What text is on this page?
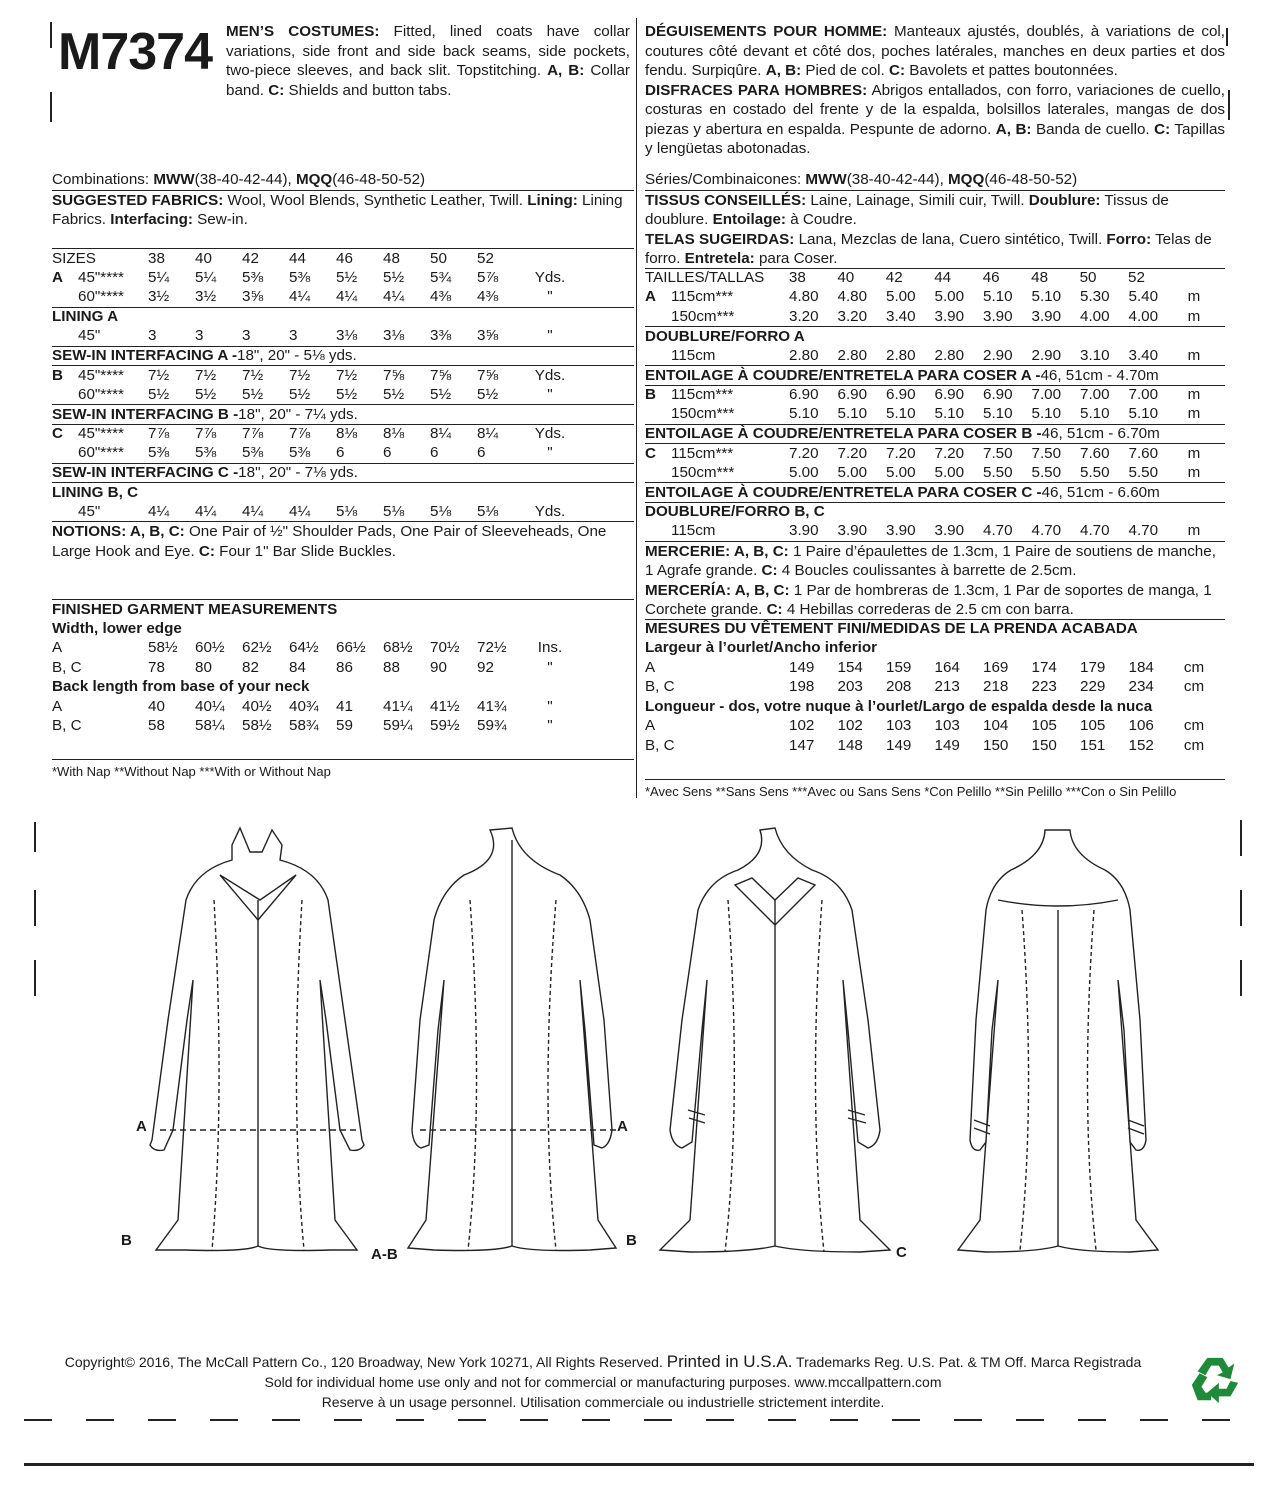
M7374 MEN’S COSTUMES: Fitted, lined coats have collar variations, side front and side back seams, side pockets, two-piece sleeves, and back slit. Topstitching. A, B: Collar band. C: Shields and button tabs.
Combinations: MWW(38-40-42-44), MQQ(46-48-50-52)
SUGGESTED FABRICS: Wool, Wool Blends, Synthetic Leather, Twill. Lining: Lining Fabrics. Interfacing: Sew-in.
SIZES	38	40	42	44	46	48	50	52
A 45"****	5¼	5¼	5⅜	5⅜	5½	5½	5¾	5⅞	Yds.
60"****	3½	3½	3⅝	4¼	4¼	4¼	4⅜	4⅜	"
LINING A
45"	3	3	3	3	3⅛	3⅛	3⅜	3⅝	"
SEW-IN INTERFACING A - 18", 20" - 5⅛ yds.
B 45"****	7½	7½	7½	7½	7½	7⅝	7⅝	7⅝	Yds.
60"****	5½	5½	5½	5½	5½	5½	5½	5½	"
SEW-IN INTERFACING B - 18", 20" - 7¼ yds.
C 45"****	7⅞	7⅞	7⅞	7⅞	8⅛	8⅛	8¼	8¼	Yds.
60"****	5⅜	5⅜	5⅜	5⅜	6	6	6	6	"
SEW-IN INTERFACING C - 18", 20" - 7⅛ yds.
LINING B, C
45"	4¼	4¼	4¼	4¼	5⅛	5⅛	5⅛	5⅛	Yds.
NOTIONS: A, B, C: One Pair of ½" Shoulder Pads, One Pair of Sleeveheads, One Large Hook and Eye. C: Four 1" Bar Slide Buckles.
FINISHED GARMENT MEASUREMENTS
Width, lower edge
A	58½	60½	62½	64½	66½	68½	70½	72½	Ins.
B, C	78	80	82	84	86	88	90	92	"
Back length from base of your neck
A	40	40¼	40½	40¾	41	41¼	41½	41¾	"
B, C	58	58¼	58½	58¾	59	59¼	59½	59¾	"
*With Nap **Without Nap ***With or Without Nap
DÉGUISEMENTS POUR HOMME: Manteaux ajustés, doublés, à variations de col, coutures côté devant et côté dos, poches latérales, manches en deux parties et dos fendu. Surpiqûre. A, B: Pied de col. C: Bavolets et pattes boutonnées.
DISFRACES PARA HOMBRES: Abrigos entallados, con forro, variaciones de cuello, costuras en costado del frente y de la espalda, bolsillos laterales, mangas de dos piezas y abertura en espalda. Pespunte de adorno. A, B: Banda de cuello. C: Tapillas y lengüetas abotonadas.
Séries/Combinaicones: MWW(38-40-42-44), MQQ(46-48-50-52)
TISSUS CONSEILLÉS: Laine, Lainage, Simili cuir, Twill. Doublure: Tissus de doublure. Entoilage: à Coudre.
TELAS SUGEIRDAS: Lana, Mezclas de lana, Cuero sintético, Twill. Forro: Telas de forro. Entretela: para Coser.
TAILLES/TALLAS	38	40	42	44	46	48	50	52
A 115cm***	4.80	4.80	5.00	5.00	5.10	5.10	5.30	5.40	m
150cm***	3.20	3.20	3.40	3.90	3.90	3.90	4.00	4.00	m
DOUBLURE/FORRO A
115cm	2.80	2.80	2.80	2.80	2.90	2.90	3.10	3.40	m
ENTOILAGE À COUDRE/ENTRETELA PARA COSER A - 46, 51cm - 4.70m
B 115cm***	6.90	6.90	6.90	6.90	6.90	7.00	7.00	7.00	m
150cm***	5.10	5.10	5.10	5.10	5.10	5.10	5.10	5.10	m
ENTOILAGE À COUDRE/ENTRETELA PARA COSER B - 46, 51cm - 6.70m
C 115cm***	7.20	7.20	7.20	7.20	7.50	7.50	7.60	7.60	m
150cm***	5.00	5.00	5.00	5.00	5.50	5.50	5.50	5.50	m
ENTOILAGE À COUDRE/ENTRETELA PARA COSER C - 46, 51cm - 6.60m
DOUBLURE/FORRO B, C
115cm	3.90	3.90	3.90	3.90	4.70	4.70	4.70	4.70	m
MERCERIE: A, B, C: 1 Paire d’épaulettes de 1.3cm, 1 Paire de soutiens de manche, 1 Agrafe grande. C: 4 Boucles coulissantes à barrette de 2.5cm.
MERCERÍA: A, B, C: 1 Par de hombreras de 1.3cm, 1 Par de soportes de manga, 1 Corchete grande. C: 4 Hebillas correderas de 2.5 cm con barra.
MESURES DU VÊTEMENT FINI/MEDIDAS DE LA PRENDA ACABADA
Largeur à l’ourlet/Ancho inferior
A	149	154	159	164	169	174	179	184	cm
B, C	198	203	208	213	218	223	229	234	cm
Longueur - dos, votre nuque à l’ourlet/Largo de espalda desde la nuca
A	102	102	103	103	104	105	105	106	cm
B, C	147	148	149	149	150	150	151	152	cm
*Avec Sens **Sans Sens ***Avec ou Sans Sens *Con Pelillo **Sin Pelillo ***Con o Sin Pelillo
A
B
A-B
A
B
C
Copyright© 2016, The McCall Pattern Co., 120 Broadway, New York 10271, All Rights Reserved. Printed in U.S.A. Trademarks Reg. U.S. Pat. & TM Off. Marca Registrada
Sold for individual home use only and not for commercial or manufacturing purposes. www.mccallpattern.com
Reserve à un usage personnel. Utilisation commerciale ou industrielle strictement interdite.
